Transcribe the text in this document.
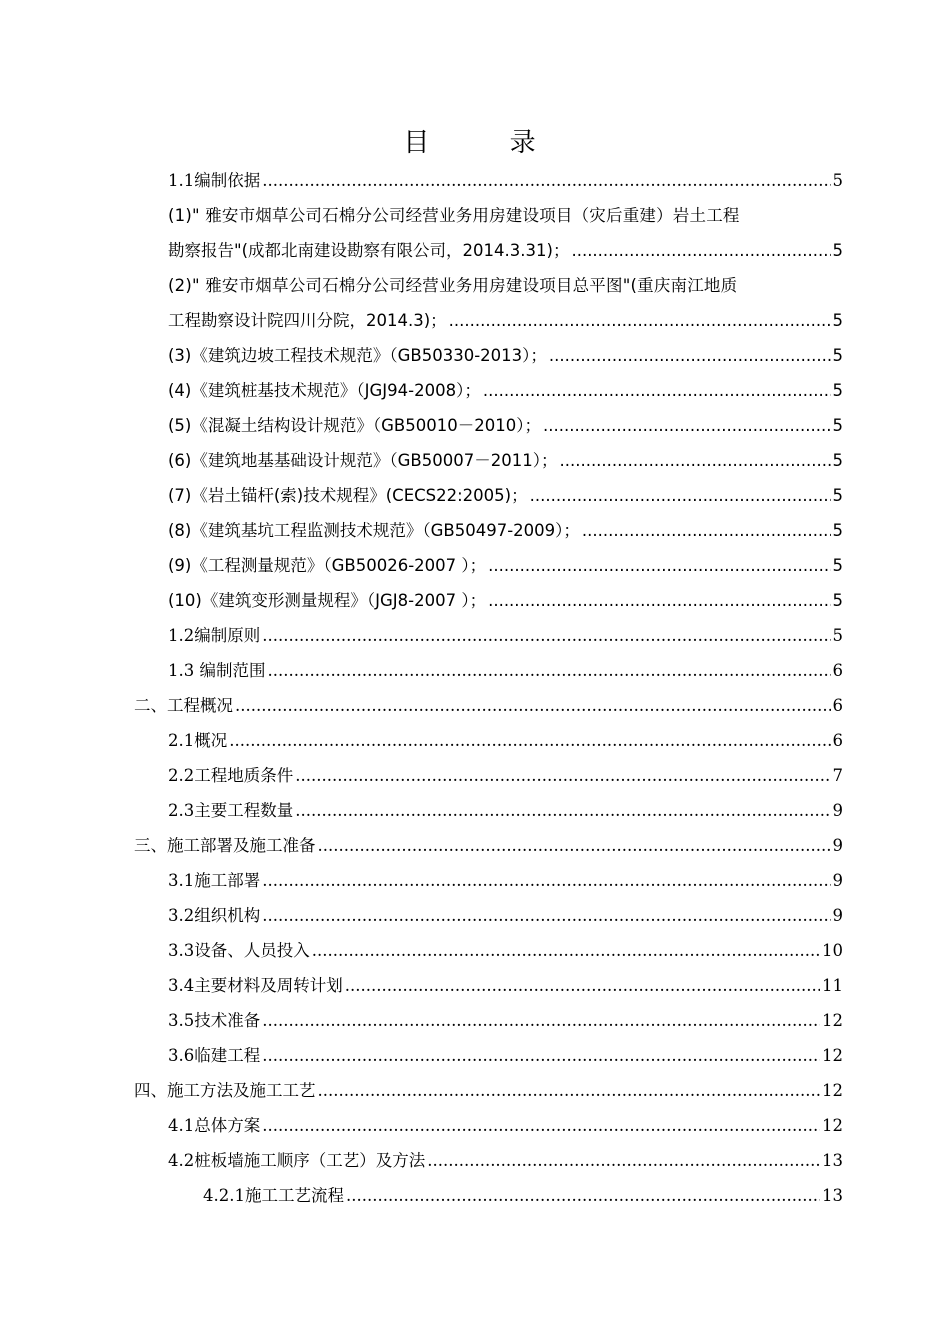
目 录
1.1编制依据 .....	5
(1)" 雅安市烟草公司石棉分公司经营业务用房建设项目（灾后重建）岩土工程
勘察报告"(成都北南建设勘察有限公司，2014.3.31)； .....	5
(2)" 雅安市烟草公司石棉分公司经营业务用房建设项目总平图"(重庆南江地质
工程勘察设计院四川分院，2014.3)； .....	5
(3)《建筑边坡工程技术规范》（GB50330-2013）； .....	5
(4)《建筑桩基技术规范》（JGJ94-2008）； .....	5
(5)《混凝土结构设计规范》（GB50010－2010）； .....	5
(6)《建筑地基基础设计规范》（GB50007－2011）； .....	5
(7)《岩土锚杆(索)技术规程》(CECS22:2005)； .....	5
(8)《建筑基坑工程监测技术规范》（GB50497-2009）； .....	5
(9)《工程测量规范》（GB50026-2007 ）； .....	5
(10)《建筑变形测量规程》（JGJ8-2007 ）； .....	5
1.2编制原则 .....	5
1.3 编制范围 .....	6
二、工程概况 .....	6
2.1概况 .....	6
2.2工程地质条件 .....	7
2.3主要工程数量 .....	9
三、施工部署及施工准备 .....	9
3.1施工部署 .....	9
3.2组织机构 .....	9
3.3设备、人员投入 .....	10
3.4主要材料及周转计划 .....	11
3.5技术准备 .....	12
3.6临建工程 .....	12
四、施工方法及施工工艺 .....	12
4.1总体方案 .....	12
4.2桩板墙施工顺序（工艺）及方法 .....	13
4.2.1施工工艺流程 .....	13
